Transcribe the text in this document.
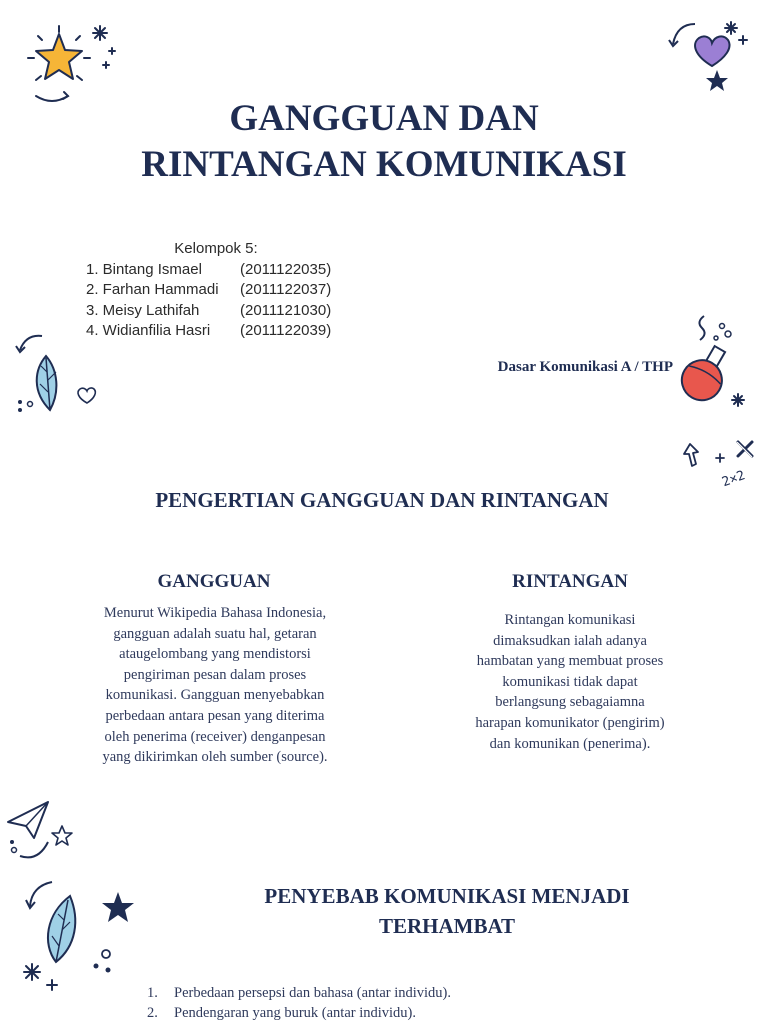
2×2
GANGGUAN DAN
RINTANGAN KOMUNIKASI
Kelompok 5:
1. Bintang Ismael	(2011122035)
2. Farhan Hammadi	(2011122037)
3. Meisy Lathifah	(2011121030)
4. Widianfilia Hasri	(2011122039)
Dasar Komunikasi A / THP
PENGERTIAN GANGGUAN DAN RINTANGAN
GANGGUAN
Menurut Wikipedia Bahasa Indonesia,
gangguan adalah suatu hal, getaran
ataugelombang yang mendistorsi
pengiriman pesan dalam proses
komunikasi. Gangguan menyebabkan
perbedaan antara pesan yang diterima
oleh penerima (receiver) denganpesan
yang dikirimkan oleh sumber (source).
RINTANGAN
Rintangan komunikasi
dimaksudkan ialah adanya
hambatan yang membuat proses
komunikasi tidak dapat
berlangsung sebagaiamna
harapan komunikator (pengirim)
dan komunikan (penerima).
PENYEBAB KOMUNIKASI MENJADI
TERHAMBAT
1.	Perbedaan persepsi dan bahasa (antar individu).
2.	Pendengaran yang buruk (antar individu).
